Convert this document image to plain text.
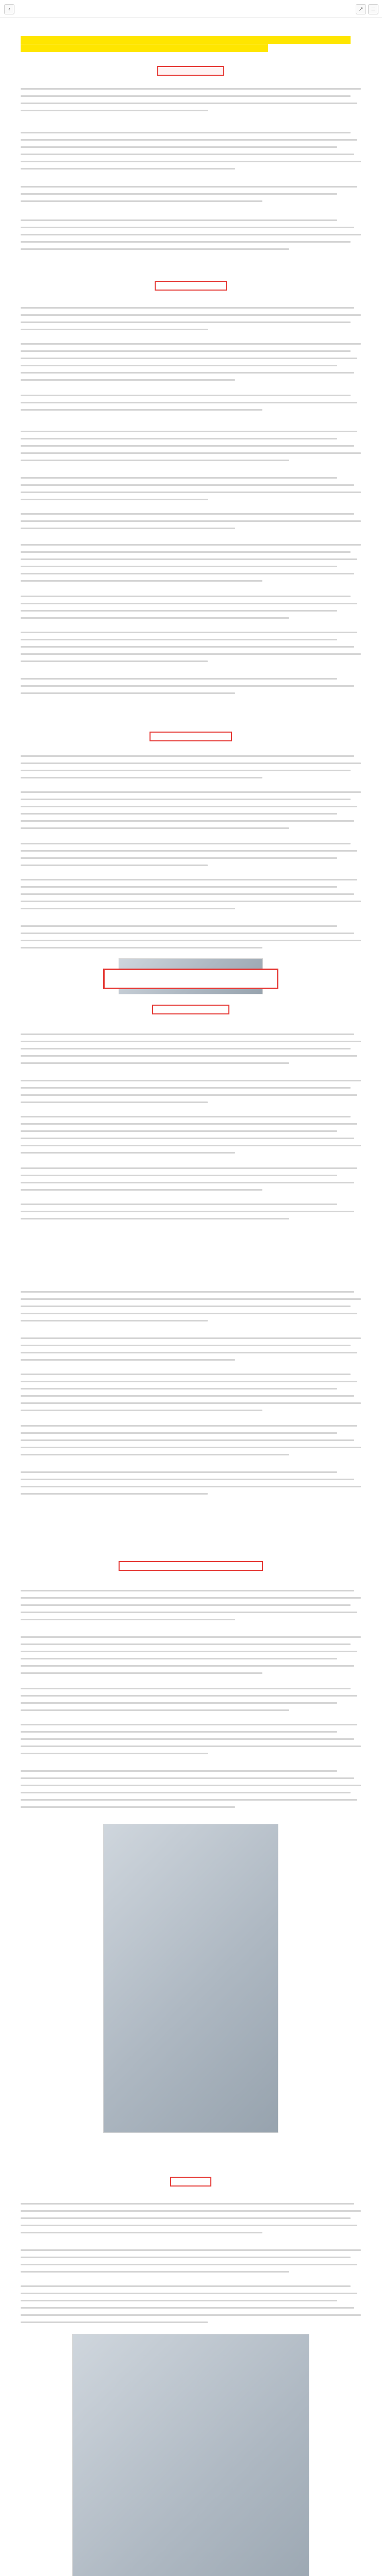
‹	↗	≡
